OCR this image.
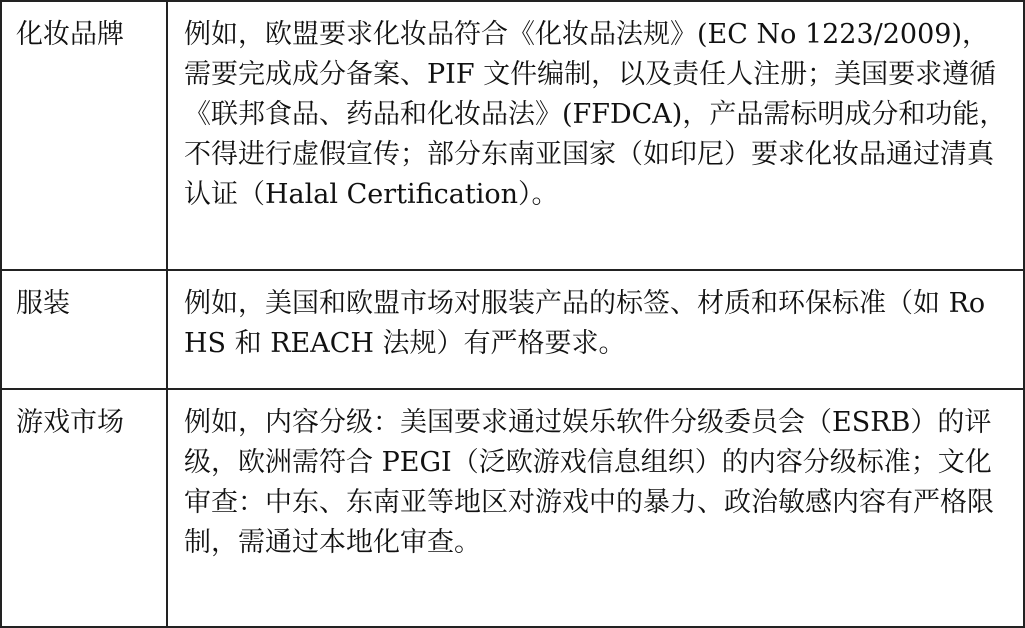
化妆品牌	例如，欧盟要求化妆品符合《化妆品法规》(EC No 1223/2009)，需要完成成分备案、PIF 文件编制，以及责任人注册；美国要求遵循《联邦食品、药品和化妆品法》(FFDCA)，产品需标明成分和功能，不得进行虚假宣传；部分东南亚国家（如印尼）要求化妆品通过清真认证（Halal Certification）。
服装	例如，美国和欧盟市场对服装产品的标签、材质和环保标准（如 RoHS 和 REACH 法规）有严格要求。
游戏市场	例如，内容分级：美国要求通过娱乐软件分级委员会（ESRB）的评级，欧洲需符合 PEGI（泛欧游戏信息组织）的内容分级标准；文化审查：中东、东南亚等地区对游戏中的暴力、政治敏感内容有严格限制，需通过本地化审查。
